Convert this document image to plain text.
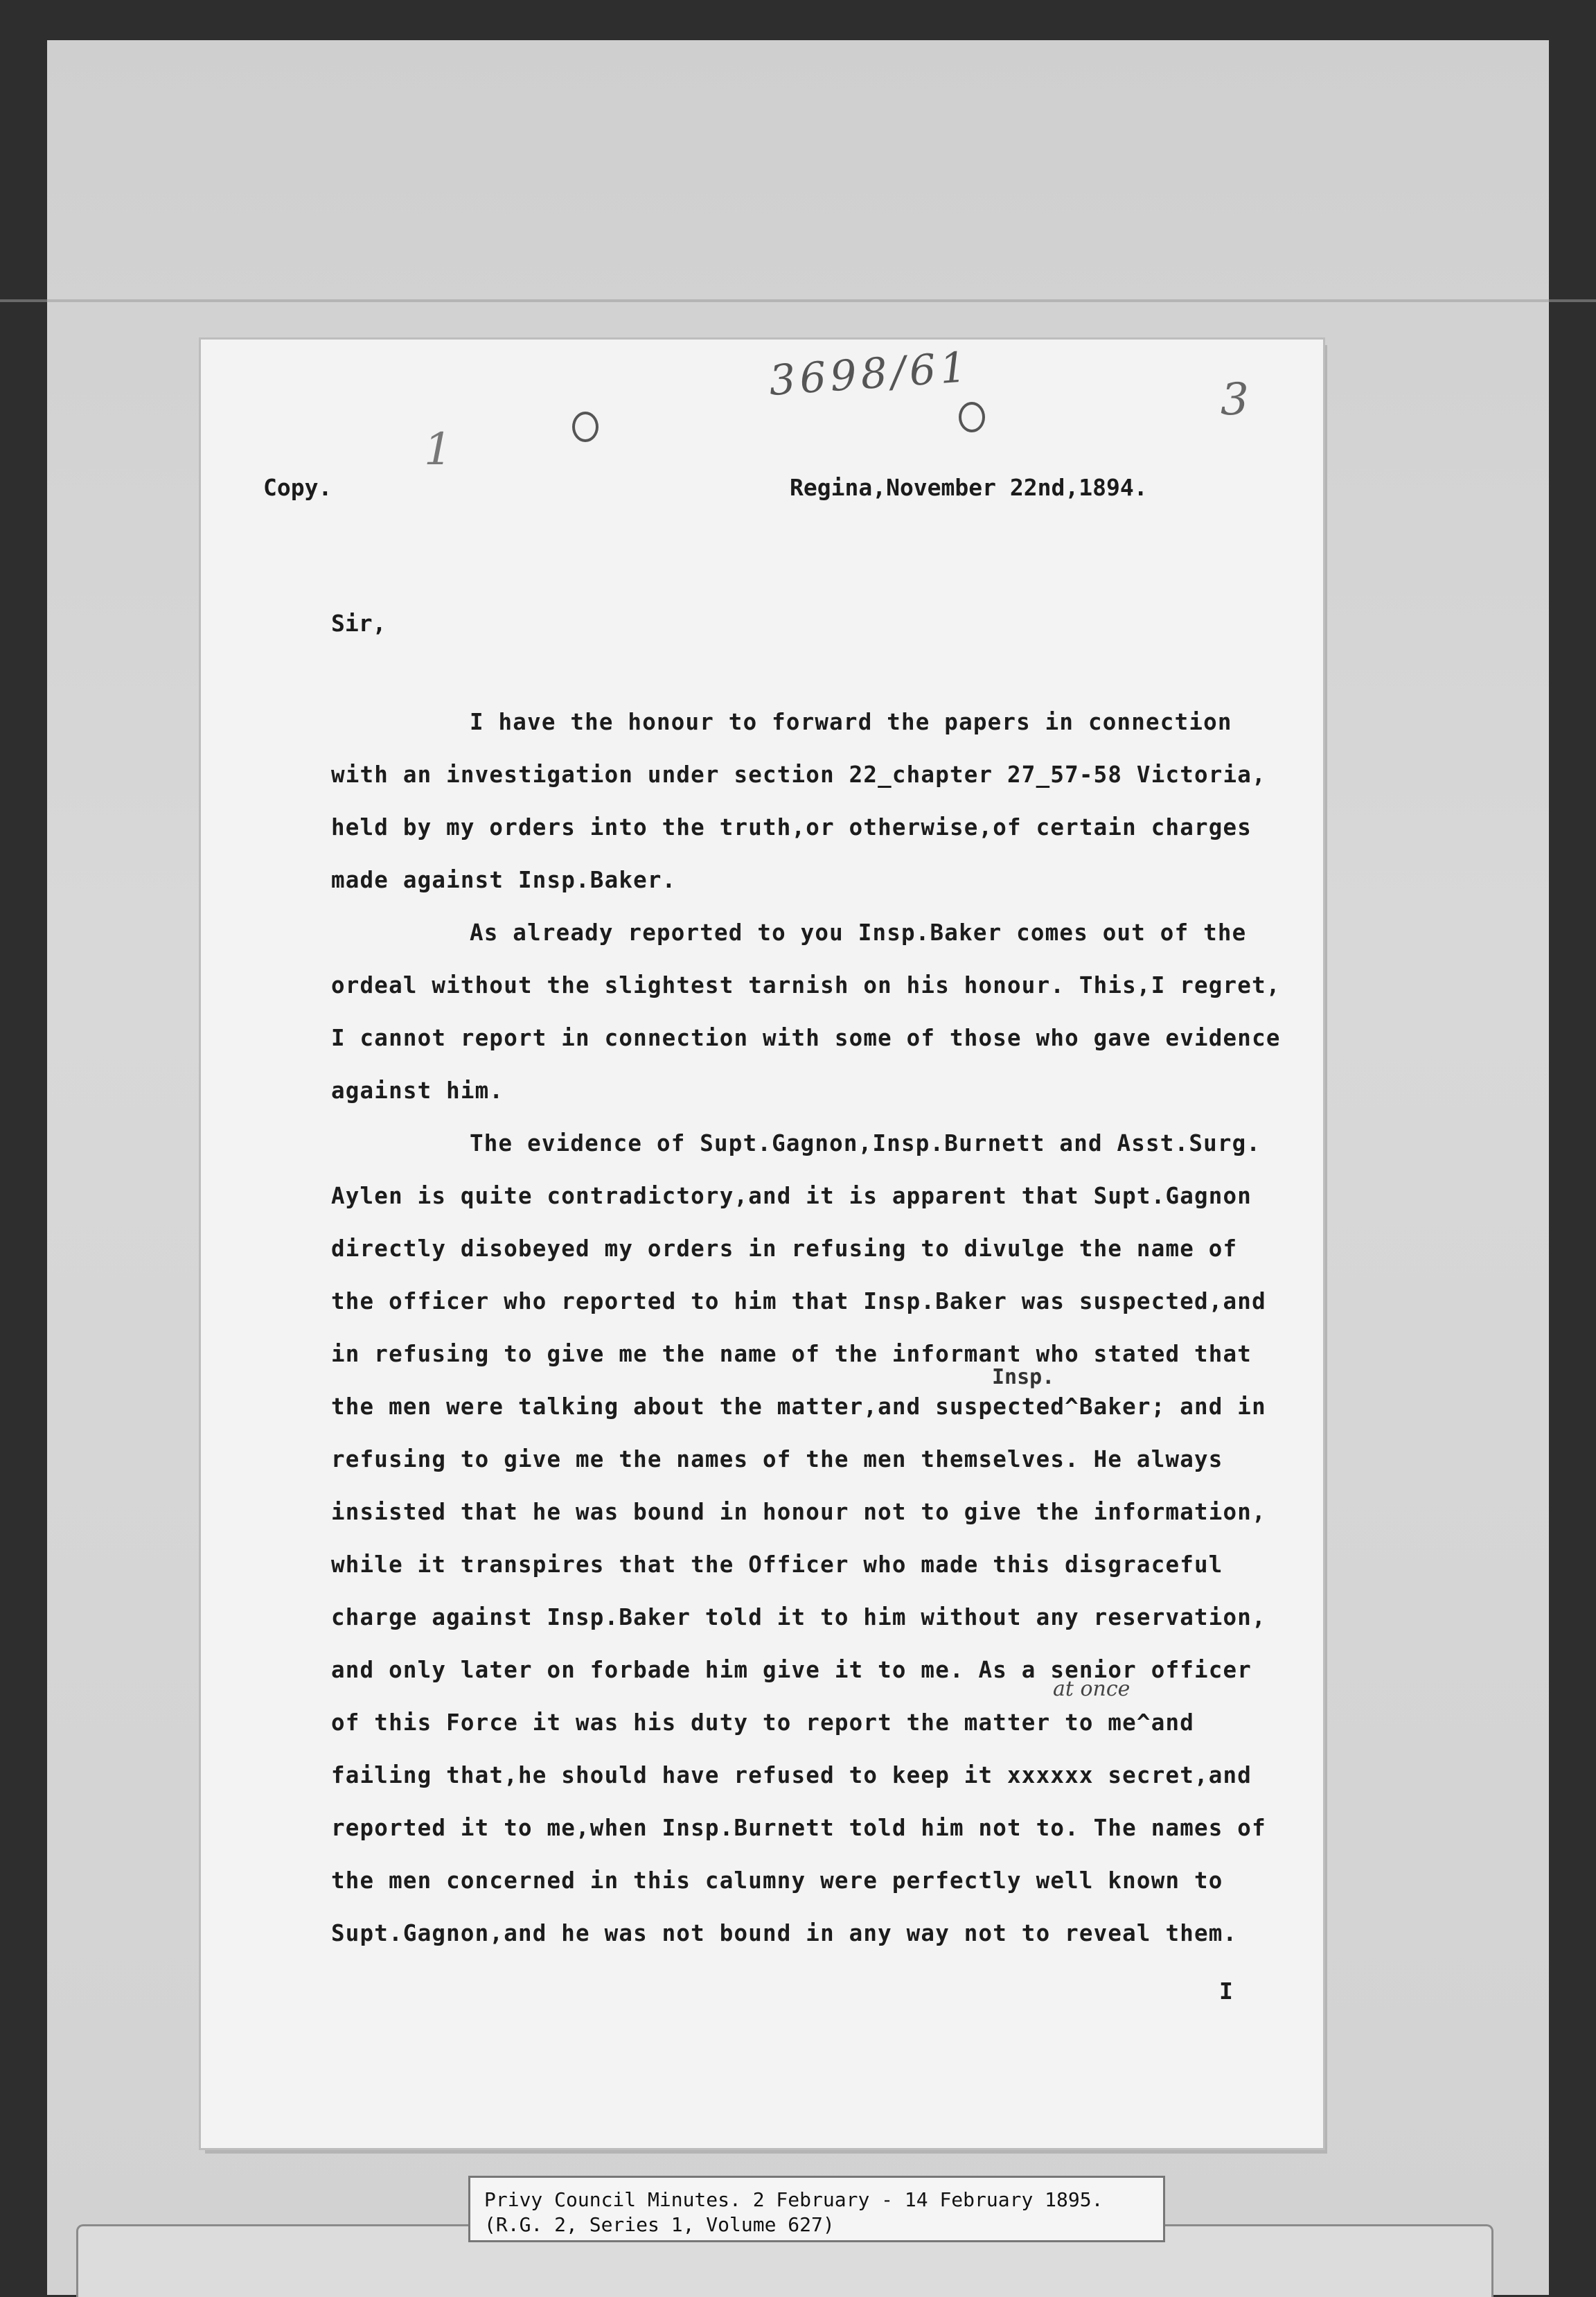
3698/61	3
1
Copy.	Regina,November 22nd,1894.
Sir,
I have the honour to forward the papers in connection
with an investigation under section 22_chapter 27_57-58 Victoria,
held by my orders into the truth,or otherwise,of certain charges
made against Insp.Baker.
As already reported to you Insp.Baker comes out of the
ordeal without the slightest tarnish on his honour. This,I regret,
I cannot report in connection with some of those who gave evidence
against him.
The evidence of Supt.Gagnon,Insp.Burnett and Asst.Surg.
Aylen is quite contradictory,and it is apparent that Supt.Gagnon
directly disobeyed my orders in refusing to divulge the name of
the officer who reported to him that Insp.Baker was suspected,and
in refusing to give me the name of the informant who stated that
the men were talking about the matter,and suspected^Baker; and in
refusing to give me the names of the men themselves. He always
insisted that he was bound in honour not to give the information,
while it transpires that the Officer who made this disgraceful
charge against Insp.Baker told it to him without any reservation,
and only later on forbade him give it to me. As a senior officer
of this Force it was his duty to report the matter to me^and
failing that,he should have refused to keep it xxxxxx secret,and
reported it to me,when Insp.Burnett told him not to. The names of
the men concerned in this calumny were perfectly well known to
Supt.Gagnon,and he was not bound in any way not to reveal them.
Insp.
at once
I
Privy Council Minutes. 2 February - 14 February 1895.
(R.G. 2, Series 1, Volume 627)
